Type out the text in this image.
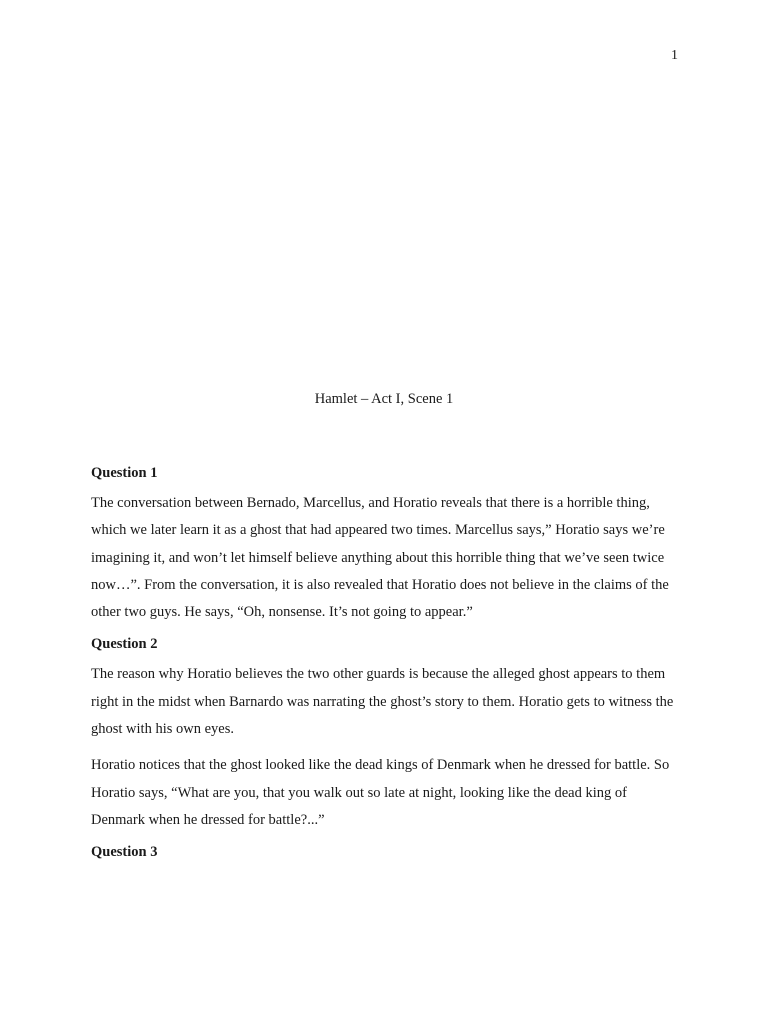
1
Hamlet – Act I, Scene 1
Question 1

The conversation between Bernado, Marcellus, and Horatio reveals that there is a horrible thing, which we later learn it as a ghost that had appeared two times. Marcellus says,” Horatio says we’re imagining it, and won’t let himself believe anything about this horrible thing that we’ve seen twice now…”. From the conversation, it is also revealed that Horatio does not believe in the claims of the other two guys. He says, “Oh, nonsense. It’s not going to appear.”

Question 2

The reason why Horatio believes the two other guards is because the alleged ghost appears to them right in the midst when Barnardo was narrating the ghost’s story to them. Horatio gets to witness the ghost with his own eyes.

Horatio notices that the ghost looked like the dead kings of Denmark when he dressed for battle. So Horatio says, “What are you, that you walk out so late at night, looking like the dead king of Denmark when he dressed for battle?...”

Question 3
